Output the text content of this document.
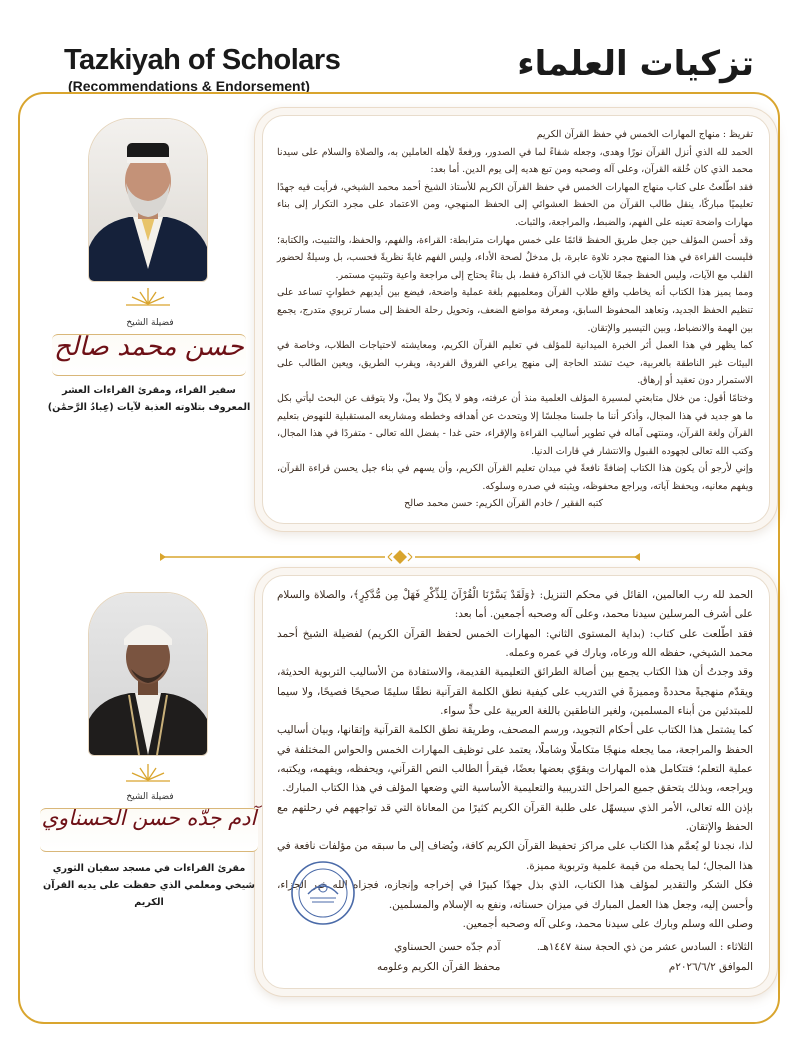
Tazkiyah of Scholars
(Recommendations & Endorsement)
تزكيات العلماء

تقريظ : منهاج المهارات الخمس في حفظ القرآن الكريم

الحمد لله الذي أنزل القرآن نورًا وهدى، وجعله شفاءً لما في الصدور، ورفعةً لأهله العاملين به، والصلاة والسلام على سيدنا محمد الذي كان خُلقه القرآن، وعلى آله وصحبه ومن تبع هديه إلى يوم الدين. أما بعد:

فقد اطّلعتُ على كتاب منهاج المهارات الخمس في حفظ القرآن الكريم للأستاذ الشيخ أحمد محمد الشيخي، فرأيت فيه جهدًا تعليميًا مباركًا، ينقل طالب القرآن من الحفظ العشوائي إلى الحفظ المنهجي، ومن الاعتماد على مجرد التكرار إلى بناء مهارات واضحة تعينه على الفهم، والضبط، والمراجعة، والثبات.

وقد أحسن المؤلف حين جعل طريق الحفظ قائمًا على خمس مهارات مترابطة: القراءة، والفهم، والحفظ، والتثبيت، والكتابة؛ فليست القراءة في هذا المنهج مجرد تلاوة عابرة، بل مدخلٌ لصحة الأداء، وليس الفهم غايةً نظريةً فحسب، بل وسيلةٌ لحضور القلب مع الآيات، وليس الحفظ جمعًا للآيات في الذاكرة فقط، بل بناءً يحتاج إلى مراجعة واعية وتثبيتٍ مستمر.

ومما يميز هذا الكتاب أنه يخاطب واقع طلاب القرآن ومعلميهم بلغة عملية واضحة، فيضع بين أيديهم خطواتٍ تساعد على تنظيم الحفظ الجديد، وتعاهد المحفوظ السابق، ومعرفة مواضع الضعف، وتحويل رحلة الحفظ إلى مسار تربوي متدرج، يجمع بين الهمة والانضباط، وبين التيسير والإتقان.

كما يظهر في هذا العمل أثر الخبرة الميدانية للمؤلف في تعليم القرآن الكريم، ومعايشته لاحتياجات الطلاب، وخاصة في البيئات غير الناطقة بالعربية، حيث تشتد الحاجة إلى منهج يراعي الفروق الفردية، ويقرب الطريق، ويعين الطالب على الاستمرار دون تعقيد أو إرهاق.

وختامًا أقول: من خلال متابعتي لمسيرة المؤلف العلمية منذ أن عرفته، وهو لا يكلّ ولا يملّ، ولا يتوقف عن البحث ليأتي بكل ما هو جديد في هذا المجال، وأذكر أننا ما جلسنا مجلسًا إلا ويتحدث عن أهدافه وخططه ومشاريعه المستقبلية للنهوض بتعليم القرآن ولغة القرآن، ومنتهى آماله في تطوير أساليب القراءة والإقراء، حتى غدا - بفضل الله تعالى - متفردًا في هذا المجال، وكتب الله تعالى لجهوده القبول والانتشار في قارات الدنيا.

وإني لأرجو أن يكون هذا الكتاب إضافةً نافعةً في ميدان تعليم القرآن الكريم، وأن يسهم في بناء جيل يحسن قراءة القرآن، ويفهم معانيه، ويحفظ آياته، ويراجع محفوظه، ويثبته في صدره وسلوكه.

كتبه الفقير / خادم القرآن الكريم: حسن محمد صالح

الحمد لله رب العالمين، القائل في محكم التنزيل: ﴿وَلَقَدْ يَسَّرْنَا الْقُرْآنَ لِلذِّكْرِ فَهَلْ مِن مُّدَّكِرٍ﴾، والصلاة والسلام على أشرف المرسلين سيدنا محمد، وعلى آله وصحبه أجمعين. أما بعد:

فقد اطّلعت على كتاب: (بداية المستوى الثاني: المهارات الخمس لحفظ القرآن الكريم) لفضيلة الشيخ أحمد محمد الشيخي، حفظه الله ورعاه، وبارك في عمره وعمله.

وقد وجدتُ أن هذا الكتاب يجمع بين أصالة الطرائق التعليمية القديمة، والاستفادة من الأساليب التربوية الحديثة، ويقدّم منهجيةً محددةً ومميزةً في التدريب على كيفية نطق الكلمة القرآنية نطقًا سليمًا صحيحًا فصيحًا، ولا سيما للمبتدئين من أبناء المسلمين، ولغير الناطقين باللغة العربية على حدٍّ سواء.

كما يشتمل هذا الكتاب على أحكام التجويد، ورسم المصحف، وطريقة نطق الكلمة القرآنية وإتقانها، وبيان أساليب الحفظ والمراجعة، مما يجعله منهجًا متكاملًا وشاملًا، يعتمد على توظيف المهارات الخمس والحواس المختلفة في عملية التعلم؛ فتتكامل هذه المهارات ويقوّي بعضها بعضًا، فيقرأ الطالب النص القرآني، ويحفظه، ويفهمه، ويكتبه، ويراجعه، وبذلك يتحقق جميع المراحل التدريبية والتعليمية الأساسية التي وضعها المؤلف في هذا الكتاب المبارك.

بإذن الله تعالى، الأمر الذي سيسهّل على طلبة القرآن الكريم كثيرًا من المعاناة التي قد تواجههم في رحلتهم مع الحفظ والإتقان.

لذا، نجدنا لو يُعمَّم هذا الكتاب على مراكز تحفيظ القرآن الكريم كافة، ويُضاف إلى ما سبقه من مؤلفات نافعة في هذا المجال؛ لما يحمله من قيمة علمية وتربوية مميزة.

فكل الشكر والتقدير لمؤلف هذا الكتاب، الذي بذل جهدًا كبيرًا في إخراجه وإنجازه، فجزاه الله خير الجزاء، وأحسن إليه، وجعل هذا العمل المبارك في ميزان حسناته، ونفع به الإسلام والمسلمين.

وصلى الله وسلم وبارك على سيدنا محمد، وعلى آله وصحبه أجمعين.

الثلاثاء : السادس عشر من ذي الحجة سنة ١٤٤٧هـ.
الموافق ٢٠٢٦/٦/٢م
آدم جدّه حسن الحسناوي
محفظ القرآن الكريم وعلومه
فضيلة الشيخ
حسن محمد صالح
سفير القراء، ومقرئ القراءات العشر
المعروف بتلاوته العذبة لآيات (عِبادُ الرَّحمَٰن)
فضيلة الشيخ
آدم جدّه حسن الحسناوي
مقرئ القراءات في مسجد سفيان الثوري
شيخي ومعلمي الذي حفظت على يديه القرآن الكريم
